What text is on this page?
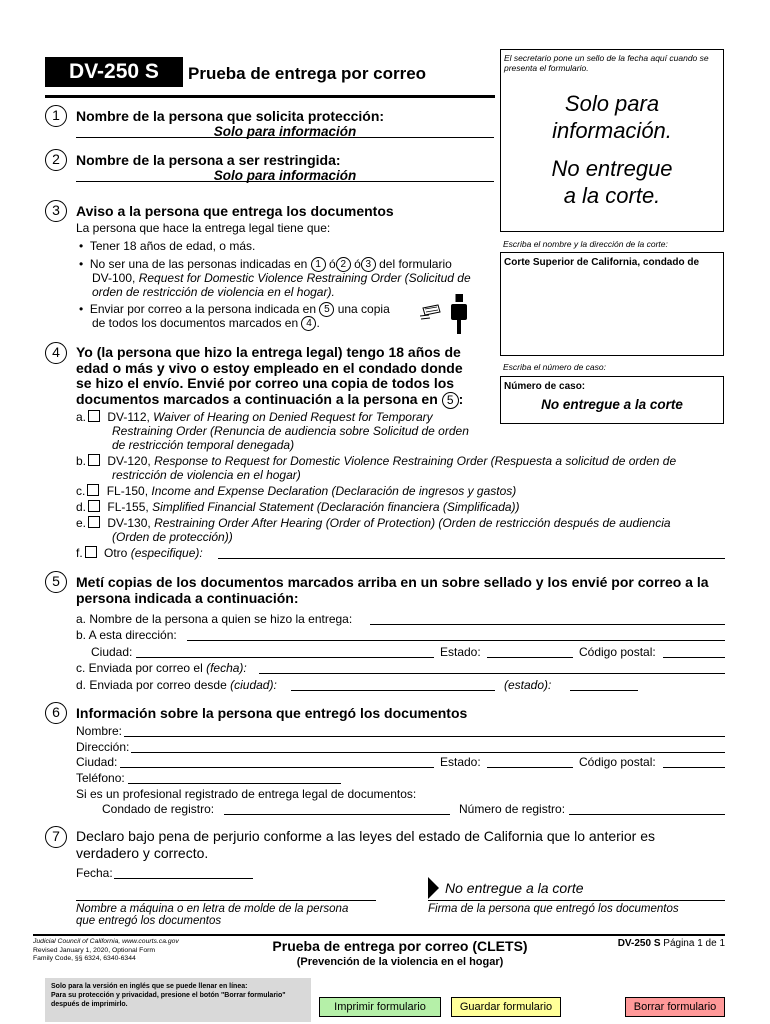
DV-250 S	Prueba de entrega por correo
El secretario pone un sello de la fecha aquí cuando se presenta el formulario.
Solo para
información.
No entregue
a la corte.
Escriba el nombre y la dirección de la corte:
Corte Superior de California, condado de
Escriba el número de caso:
Número de caso:
No entregue a la corte
1	Nombre de la persona que solicita protección:
Solo para información
2	Nombre de la persona a ser restringida:
Solo para información
3	Aviso a la persona que entrega los documentos
La persona que hace la entrega legal tiene que:
•  Tener 18 años de edad, o más.
•  No ser una de las personas indicadas en 1 ó 2 ó 3 del formulario
DV-100, Request for Domestic Violence Restraining Order (Solicitud de orden de restricción de violencia en el hogar).
•  Enviar por correo a la persona indicada en 5 una copia
de todos los documentos marcados en 4 .
4	Yo (la persona que hizo la entrega legal) tengo 18 años de
edad o más y vivo o estoy empleado en el condado donde
se hizo el envío. Envié por correo una copia de todos los
documentos marcados a continuación a la persona en 5 :
a. DV-112, Waiver of Hearing on Denied Request for Temporary
Restraining Order (Renuncia de audiencia sobre Solicitud de orden
de restricción temporal denegada)
b. DV-120, Response to Request for Domestic Violence Restraining Order (Respuesta a solicitud de orden de
restricción de violencia en el hogar)
c. FL-150, Income and Expense Declaration (Declaración de ingresos y gastos)
d. FL-155, Simplified Financial Statement (Declaración financiera (Simplificada))
e. DV-130, Restraining Order After Hearing (Order of Protection) (Orden de restricción después de audiencia
(Orden de protección))
f. Otro (especifique):
5	Metí copias de los documentos marcados arriba en un sobre sellado y los envié por correo a la
persona indicada a continuación:
a. Nombre de la persona a quien se hizo la entrega:
b. A esta dirección:
Ciudad:	Estado:	Código postal:
c. Enviada por correo el (fecha):
d. Enviada por correo desde (ciudad):	(estado):
6	Información sobre la persona que entregó los documentos
Nombre:
Dirección:
Ciudad:	Estado:	Código postal:
Teléfono:
Si es un profesional registrado de entrega legal de documentos:
Condado de registro:	Número de registro:
7	Declaro bajo pena de perjurio conforme a las leyes del estado de California que lo anterior es
verdadero y correcto.
Fecha:
Nombre a máquina o en letra de molde de la persona
que entregó los documentos
No entregue a la corte
Firma de la persona que entregó los documentos
Judicial Council of California, www.courts.ca.gov
Revised January 1, 2020, Optional Form
Family Code, §§ 6324, 6340-6344
Prueba de entrega por correo (CLETS)
(Prevención de la violencia en el hogar)
DV-250 S Página 1 de 1
Solo para la versión en inglés que se puede llenar en línea:
Para su protección y privacidad, presione el botón "Borrar formulario"
después de imprimirlo.	Imprimir formulario	Guardar formulario	Borrar formulario
